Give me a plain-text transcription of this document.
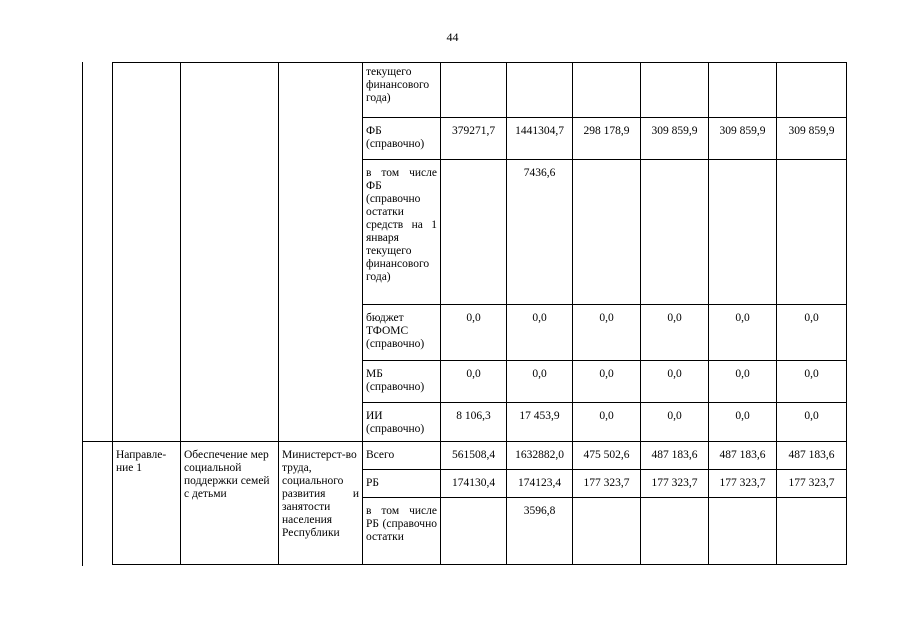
44
			текущего финансового года)						
			ФБ (справочно)	379271,7	1441304,7	298 178,9	309 859,9	309 859,9	309 859,9
			в том числе ФБ (справочно остатки средств на 1 января текущего финансового года)		7436,6				
			бюджет ТФОМС (справочно)	0,0	0,0	0,0	0,0	0,0	0,0
			МБ (справочно)	0,0	0,0	0,0	0,0	0,0	0,0
			ИИ (справочно)	8 106,3	17 453,9	0,0	0,0	0,0	0,0
Направле-ние 1	Обеспечение мер социальной поддержки семей с детьми	Министерст-во труда, социального развития и занятости населения Республики	Всего	561508,4	1632882,0	475 502,6	487 183,6	487 183,6	487 183,6
			РБ	174130,4	174123,4	177 323,7	177 323,7	177 323,7	177 323,7
			в том числе РБ (справочно остатки		3596,8				
